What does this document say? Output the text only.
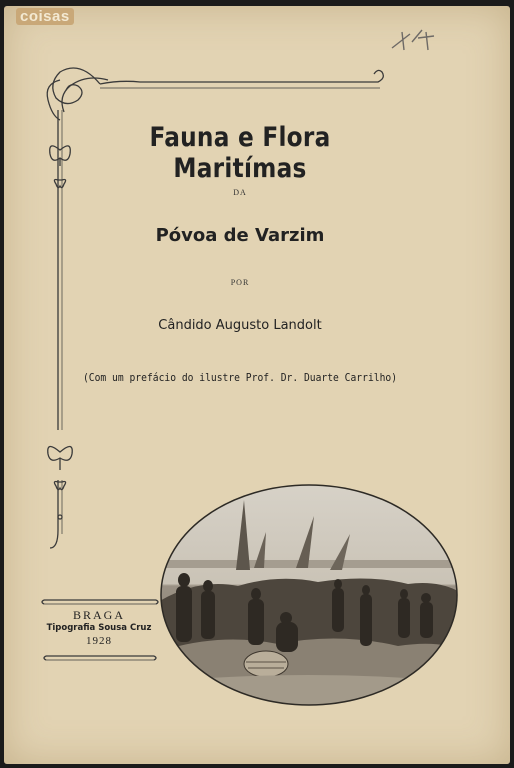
coisas
Fauna e Flora Maritímas
DA
Póvoa de Varzim
POR
Cândido Augusto Landolt
(Com um prefácio do ilustre Prof. Dr. Duarte Carrilho)
BRAGA
Tipografia Sousa Cruz
1928
